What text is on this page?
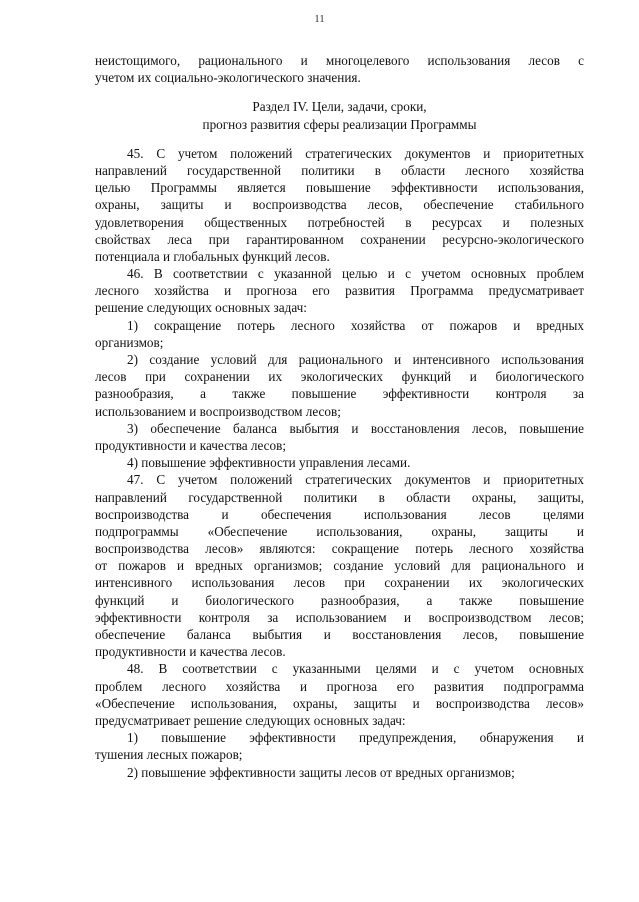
11
неистощимого, рационального и многоцелевого использования лесов с
учетом их социально-экологического значения.
Раздел IV. Цели, задачи, сроки,
прогноз развития сферы реализации Программы
45. С учетом положений стратегических документов и приоритетных
направлений государственной политики в области лесного хозяйства
целью Программы является повышение эффективности использования,
охраны, защиты и воспроизводства лесов, обеспечение стабильного
удовлетворения общественных потребностей в ресурсах и полезных
свойствах леса при гарантированном сохранении ресурсно-экологического
потенциала и глобальных функций лесов.
46. В соответствии с указанной целью и с учетом основных проблем
лесного хозяйства и прогноза его развития Программа предусматривает
решение следующих основных задач:
1) сокращение потерь лесного хозяйства от пожаров и вредных
организмов;
2) создание условий для рационального и интенсивного использования
лесов при сохранении их экологических функций и биологического
разнообразия, а также повышение эффективности контроля за
использованием и воспроизводством лесов;
3) обеспечение баланса выбытия и восстановления лесов, повышение
продуктивности и качества лесов;
4) повышение эффективности управления лесами.
47. С учетом положений стратегических документов и приоритетных
направлений государственной политики в области охраны, защиты,
воспроизводства и обеспечения использования лесов целями
подпрограммы «Обеспечение использования, охраны, защиты и
воспроизводства лесов» являются: сокращение потерь лесного хозяйства
от пожаров и вредных организмов; создание условий для рационального и
интенсивного использования лесов при сохранении их экологических
функций и биологического разнообразия, а также повышение
эффективности контроля за использованием и воспроизводством лесов;
обеспечение баланса выбытия и восстановления лесов, повышение
продуктивности и качества лесов.
48. В соответствии с указанными целями и с учетом основных
проблем лесного хозяйства и прогноза его развития подпрограмма
«Обеспечение использования, охраны, защиты и воспроизводства лесов»
предусматривает решение следующих основных задач:
1) повышение эффективности предупреждения, обнаружения и
тушения лесных пожаров;
2) повышение эффективности защиты лесов от вредных организмов;
